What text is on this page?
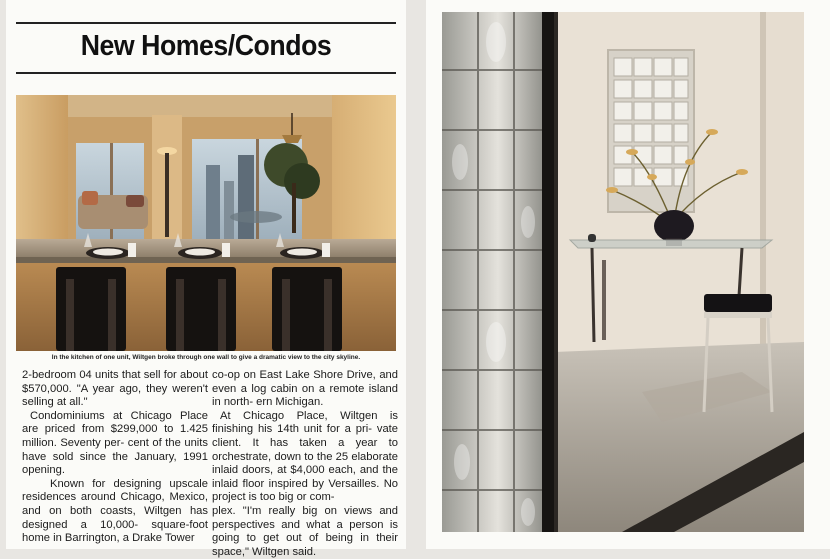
New Homes/Condos
In the kitchen of one unit, Wiltgen broke through one wall to give a dramatic view to the city skyline.

2-bedroom 04 units that sell for about $570,000. "A year ago, they weren't selling at all."

Condominiums at Chicago Place are priced from $299,000 to 1.425 million. Seventy per- cent of the units have sold since the January, 1991 opening.

Known for designing upscale residences around Chicago, Mexico, and on both coasts, Wiltgen has designed a 10,000- square-foot home in Barrington, a Drake Tower

co-op on East Lake Shore Drive, and even a log cabin on a remote island in north- ern Michigan.

At Chicago Place, Wiltgen is finishing his 14th unit for a pri- vate client. It has taken a year to orchestrate, down to the 25 elaborate inlaid doors, at $4,000 each, and the inlaid floor inspired by Versailles. No project is too big or com-

plex. "I'm really big on views and perspectives and what a person is going to get out of being in their space," Wiltgen said.
